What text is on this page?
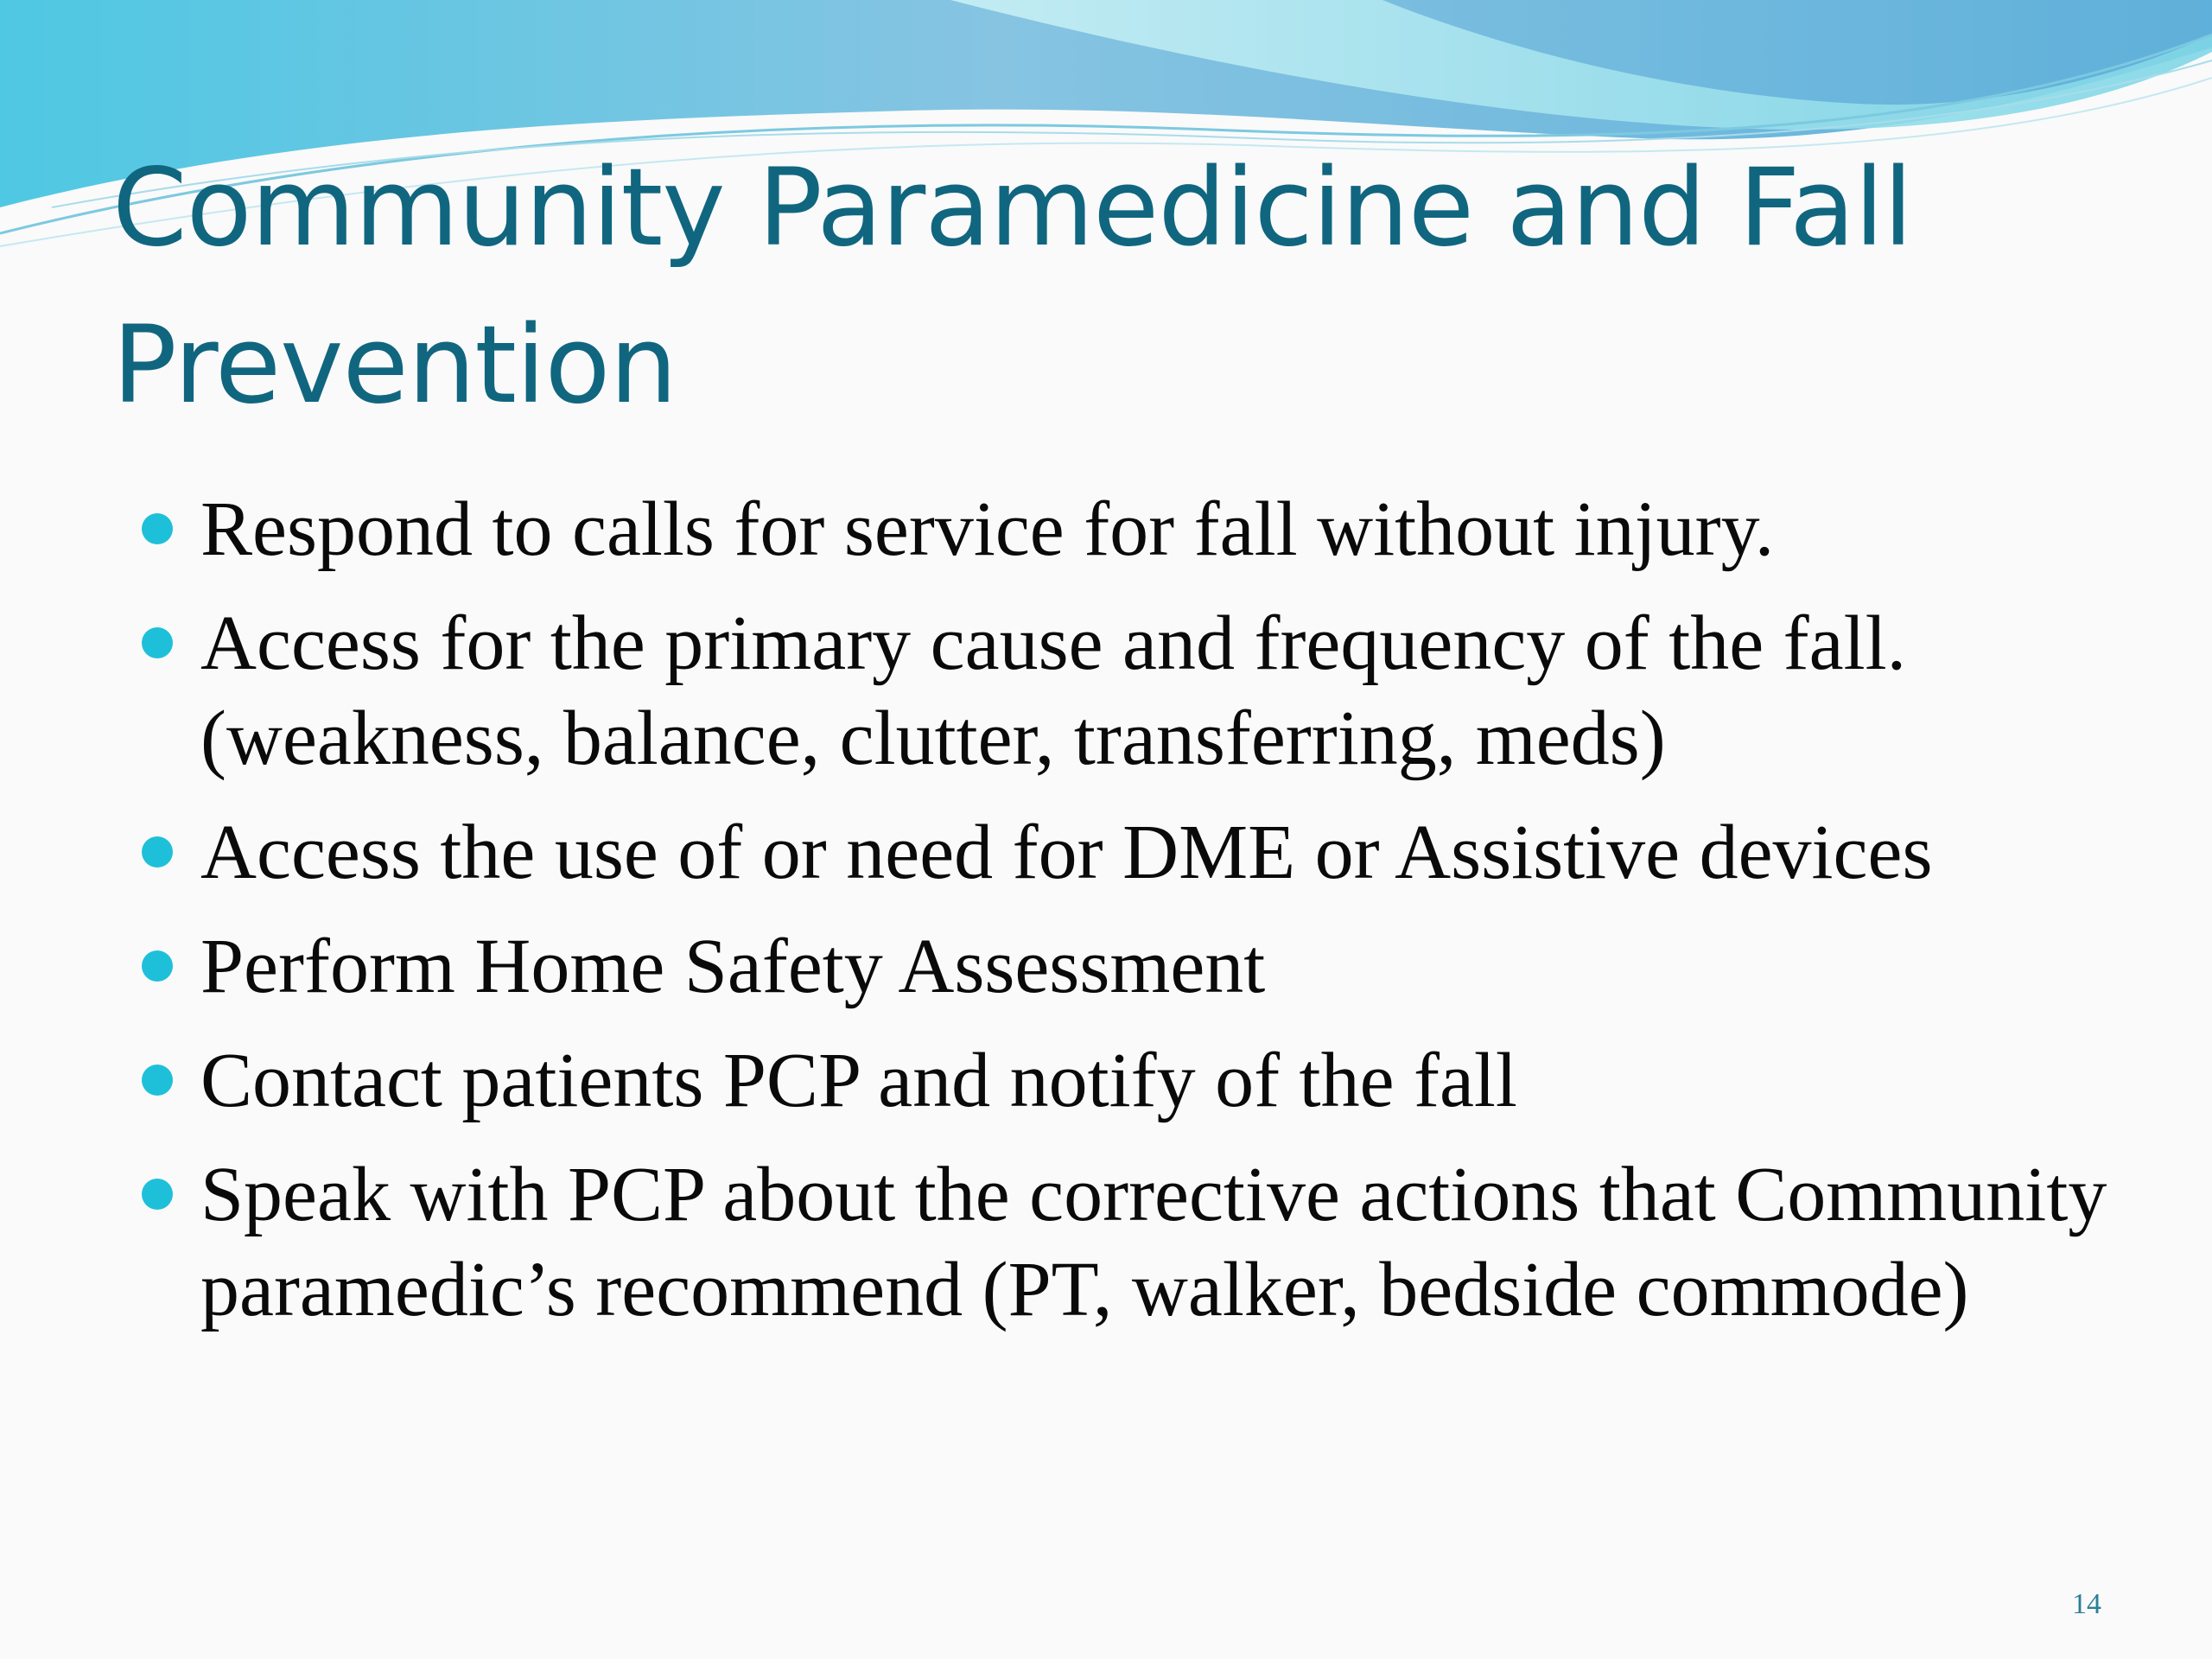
Community Paramedicine and Fall Prevention
Respond to calls for service for fall without injury.
Access for the primary cause and frequency of the fall. (weakness, balance, clutter, transferring, meds)
Access the use of or need for DME or Assistive devices
Perform Home Safety Assessment
Contact patients PCP and notify of the fall
Speak with PCP about the corrective actions that Community paramedic’s recommend (PT, walker, bedside commode)
14
